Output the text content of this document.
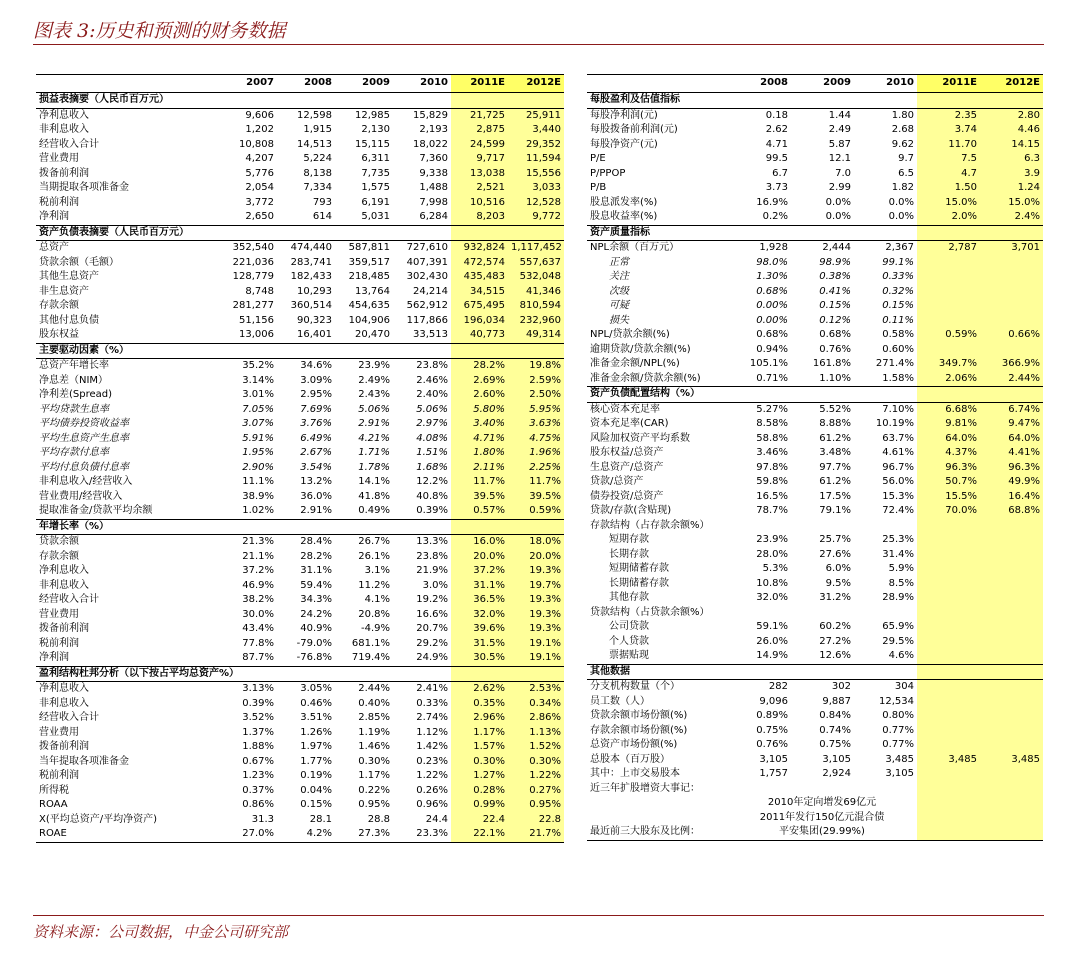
图表 3:历史和预测的财务数据
	2007	2008	2009	2010	2011E	2012E
损益表摘要（人民币百万元）						
净利息收入	9,606	12,598	12,985	15,829	21,725	25,911
非利息收入	1,202	1,915	2,130	2,193	2,875	3,440
经营收入合计	10,808	14,513	15,115	18,022	24,599	29,352
营业费用	4,207	5,224	6,311	7,360	9,717	11,594
拨备前利润	5,776	8,138	7,735	9,338	13,038	15,556
当期提取各项准备金	2,054	7,334	1,575	1,488	2,521	3,033
税前利润	3,772	793	6,191	7,998	10,516	12,528
净利润	2,650	614	5,031	6,284	8,203	9,772
资产负债表摘要（人民币百万元）						
总资产	352,540	474,440	587,811	727,610	932,824	1,117,452
贷款余额（毛额）	221,036	283,741	359,517	407,391	472,574	557,637
其他生息资产	128,779	182,433	218,485	302,430	435,483	532,048
非生息资产	8,748	10,293	13,764	24,214	34,515	41,346
存款余额	281,277	360,514	454,635	562,912	675,495	810,594
其他付息负债	51,156	90,323	104,906	117,866	196,034	232,960
股东权益	13,006	16,401	20,470	33,513	40,773	49,314
主要驱动因素（%）						
总资产年增长率	35.2%	34.6%	23.9%	23.8%	28.2%	19.8%
净息差（NIM）	3.14%	3.09%	2.49%	2.46%	2.69%	2.59%
净利差(Spread)	3.01%	2.95%	2.43%	2.40%	2.60%	2.50%
平均贷款生息率	7.05%	7.69%	5.06%	5.06%	5.80%	5.95%
平均债券投资收益率	3.07%	3.76%	2.91%	2.97%	3.40%	3.63%
平均生息资产生息率	5.91%	6.49%	4.21%	4.08%	4.71%	4.75%
平均存款付息率	1.95%	2.67%	1.71%	1.51%	1.80%	1.96%
平均付息负债付息率	2.90%	3.54%	1.78%	1.68%	2.11%	2.25%
非利息收入/经营收入	11.1%	13.2%	14.1%	12.2%	11.7%	11.7%
营业费用/经营收入	38.9%	36.0%	41.8%	40.8%	39.5%	39.5%
提取准备金/贷款平均余额	1.02%	2.91%	0.49%	0.39%	0.57%	0.59%
年增长率（%）						
贷款余额	21.3%	28.4%	26.7%	13.3%	16.0%	18.0%
存款余额	21.1%	28.2%	26.1%	23.8%	20.0%	20.0%
净利息收入	37.2%	31.1%	3.1%	21.9%	37.2%	19.3%
非利息收入	46.9%	59.4%	11.2%	3.0%	31.1%	19.7%
经营收入合计	38.2%	34.3%	4.1%	19.2%	36.5%	19.3%
营业费用	30.0%	24.2%	20.8%	16.6%	32.0%	19.3%
拨备前利润	43.4%	40.9%	-4.9%	20.7%	39.6%	19.3%
税前利润	77.8%	-79.0%	681.1%	29.2%	31.5%	19.1%
净利润	87.7%	-76.8%	719.4%	24.9%	30.5%	19.1%
盈利结构杜邦分析（以下按占平均总资产%）						
净利息收入	3.13%	3.05%	2.44%	2.41%	2.62%	2.53%
非利息收入	0.39%	0.46%	0.40%	0.33%	0.35%	0.34%
经营收入合计	3.52%	3.51%	2.85%	2.74%	2.96%	2.86%
营业费用	1.37%	1.26%	1.19%	1.12%	1.17%	1.13%
拨备前利润	1.88%	1.97%	1.46%	1.42%	1.57%	1.52%
当年提取各项准备金	0.67%	1.77%	0.30%	0.23%	0.30%	0.30%
税前利润	1.23%	0.19%	1.17%	1.22%	1.27%	1.22%
所得税	0.37%	0.04%	0.22%	0.26%	0.28%	0.27%
ROAA	0.86%	0.15%	0.95%	0.96%	0.99%	0.95%
X(平均总资产/平均净资产)	31.3	28.1	28.8	24.4	22.4	22.8
ROAE	27.0%	4.2%	27.3%	23.3%	22.1%	21.7%
	2008	2009	2010	2011E	2012E
每股盈利及估值指标					
每股净利润(元)	0.18	1.44	1.80	2.35	2.80
每股拨备前利润(元)	2.62	2.49	2.68	3.74	4.46
每股净资产(元)	4.71	5.87	9.62	11.70	14.15
P/E	99.5	12.1	9.7	7.5	6.3
P/PPOP	6.7	7.0	6.5	4.7	3.9
P/B	3.73	2.99	1.82	1.50	1.24
股息派发率(%)	16.9%	0.0%	0.0%	15.0%	15.0%
股息收益率(%)	0.2%	0.0%	0.0%	2.0%	2.4%
资产质量指标					
NPL余额（百万元）	1,928	2,444	2,367	2,787	3,701
正常	98.0%	98.9%	99.1%		
关注	1.30%	0.38%	0.33%		
次级	0.68%	0.41%	0.32%		
可疑	0.00%	0.15%	0.15%		
损失	0.00%	0.12%	0.11%		
NPL/贷款余额(%)	0.68%	0.68%	0.58%	0.59%	0.66%
逾期贷款/贷款余额(%)	0.94%	0.76%	0.60%		
准备金余额/NPL(%)	105.1%	161.8%	271.4%	349.7%	366.9%
准备金余额/贷款余额(%)	0.71%	1.10%	1.58%	2.06%	2.44%
资产负债配置结构（%）					
核心资本充足率	5.27%	5.52%	7.10%	6.68%	6.74%
资本充足率(CAR)	8.58%	8.88%	10.19%	9.81%	9.47%
风险加权资产平均系数	58.8%	61.2%	63.7%	64.0%	64.0%
股东权益/总资产	3.46%	3.48%	4.61%	4.37%	4.41%
生息资产/总资产	97.8%	97.7%	96.7%	96.3%	96.3%
贷款/总资产	59.8%	61.2%	56.0%	50.7%	49.9%
债券投资/总资产	16.5%	17.5%	15.3%	15.5%	16.4%
贷款/存款(含贴现)	78.7%	79.1%	72.4%	70.0%	68.8%
存款结构（占存款余额%）					
短期存款	23.9%	25.7%	25.3%		
长期存款	28.0%	27.6%	31.4%		
短期储蓄存款	5.3%	6.0%	5.9%		
长期储蓄存款	10.8%	9.5%	8.5%		
其他存款	32.0%	31.2%	28.9%		
贷款结构（占贷款余额%）					
公司贷款	59.1%	60.2%	65.9%		
个人贷款	26.0%	27.2%	29.5%		
票据贴现	14.9%	12.6%	4.6%		
其他数据					
分支机构数量（个）	282	302	304		
员工数（人）	9,096	9,887	12,534		
贷款余额市场份额(%)	0.89%	0.84%	0.80%		
存款余额市场份额(%)	0.75%	0.74%	0.77%		
总资产市场份额(%)	0.76%	0.75%	0.77%		
总股本（百万股）	3,105	3,105	3,485	3,485	3,485
其中：上市交易股本	1,757	2,924	3,105		
近三年扩股增资大事记：					
	2010年定向增发69亿元				
	2011年发行150亿元混合债				
最近前三大股东及比例：	平安集团(29.99%)				
资料来源：公司数据，中金公司研究部
